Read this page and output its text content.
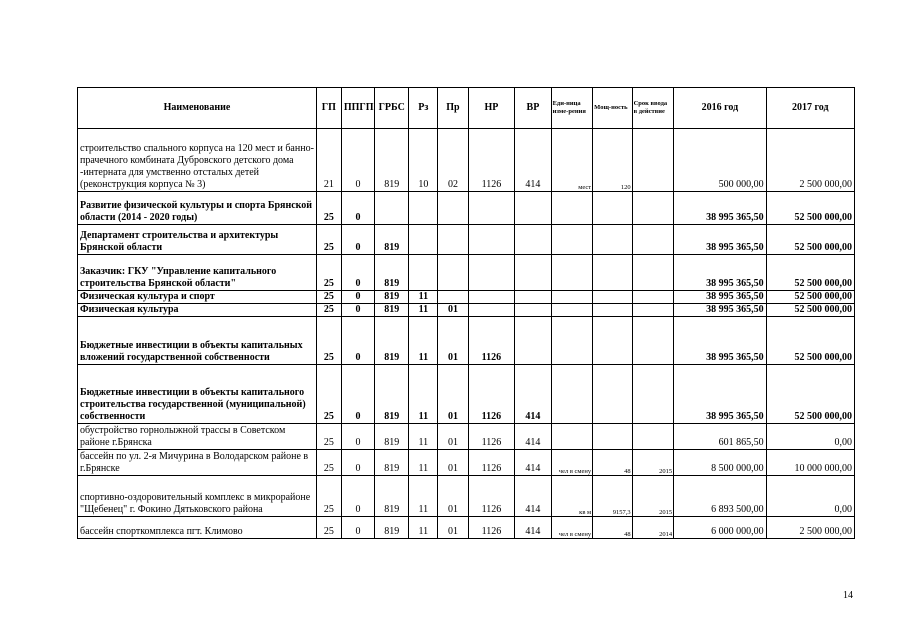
Наименование	ГП	ППГП	ГРБС	Рз	Пр	НР	ВР	Еди-ница изме-рения	Мощ-ность	Срок ввода в действие	2016 год	2017 год
строительство спального корпуса на 120 мест и банно-прачечного комбината Дубровского детского дома -интерната для умственно отсталых детей (реконструкция корпуса № 3)	21	0	819	10	02	1126	414	мест	120		500 000,00	2 500 000,00
Развитие физической культуры и спорта Брянской области (2014 - 2020 годы)	25	0									38 995 365,50	52 500 000,00
Департамент строительства и архитектуры Брянской области	25	0	819								38 995 365,50	52 500 000,00
Заказчик: ГКУ "Управление капитального строительства Брянской области"	25	0	819								38 995 365,50	52 500 000,00
Физическая культура и спорт	25	0	819	11							38 995 365,50	52 500 000,00
Физическая культура	25	0	819	11	01						38 995 365,50	52 500 000,00
Бюджетные инвестиции в объекты капитальных вложений государственной собственности	25	0	819	11	01	1126					38 995 365,50	52 500 000,00
Бюджетные инвестиции в объекты капитального строительства государственной (муниципальной) собственности	25	0	819	11	01	1126	414				38 995 365,50	52 500 000,00
обустройство горнолыжной трассы в Советском районе г.Брянска	25	0	819	11	01	1126	414				601 865,50	0,00
бассейн по ул. 2-я Мичурина в Володарском районе в г.Брянске	25	0	819	11	01	1126	414	чел в смену	48	2015	8 500 000,00	10 000 000,00
спортивно-оздоровительный комплекс в микрорайоне "Щебенец" г. Фокино Дятьковского района	25	0	819	11	01	1126	414	кв м	9157,3	2015	6 893 500,00	0,00
бассейн спорткомплекса пгт. Климово	25	0	819	11	01	1126	414	чел в смену	48	2014	6 000 000,00	2 500 000,00
14
